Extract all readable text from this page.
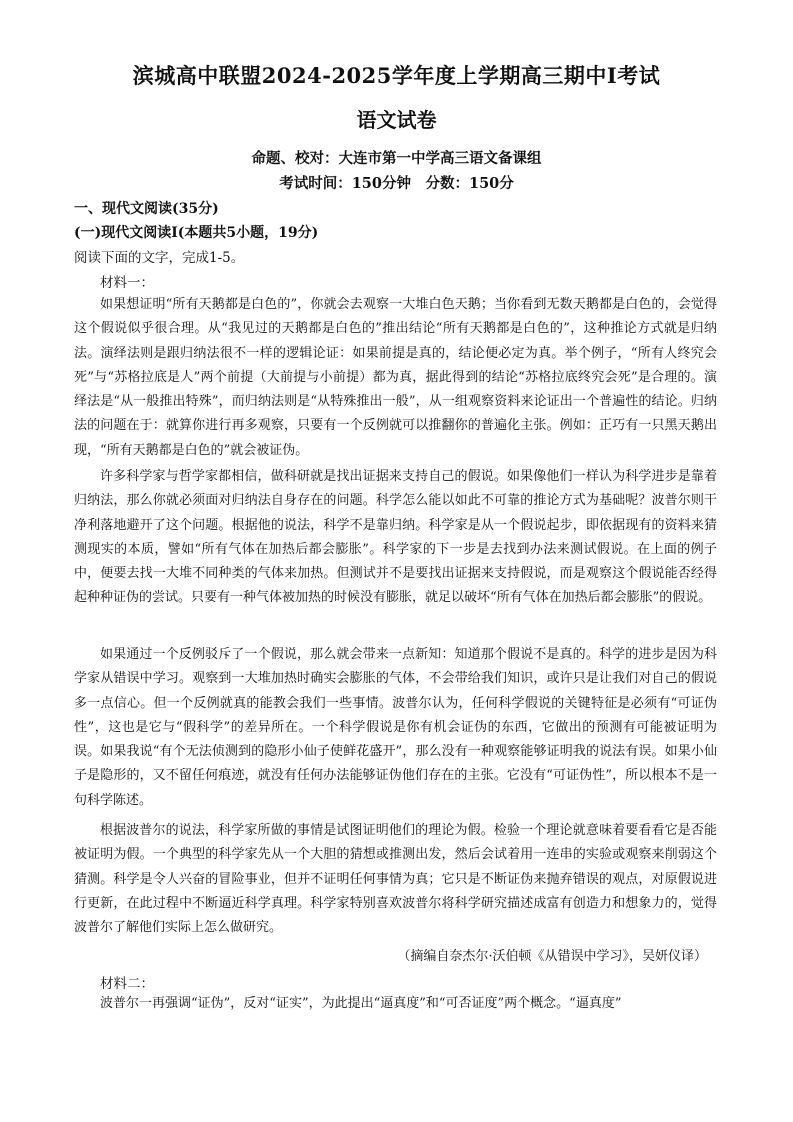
滨城高中联盟2024-2025学年度上学期高三期中Ⅰ考试
语文试卷
命题、校对：大连市第一中学高三语文备课组
考试时间：150分钟　分数：150分
一、现代文阅读(35分)
(一)现代文阅读Ⅰ(本题共5小题，19分)
阅读下面的文字，完成1-5。
材料一：
如果想证明“所有天鹅都是白色的”，你就会去观察一大堆白色天鹅；当你看到无数天鹅都是白色的，会觉得这个假说似乎很合理。从“我见过的天鹅都是白色的”推出结论“所有天鹅都是白色的”，这种推论方式就是归纳法。演绎法则是跟归纳法很不一样的逻辑论证：如果前提是真的，结论便必定为真。举个例子，“所有人终究会死”与“苏格拉底是人”两个前提（大前提与小前提）都为真，据此得到的结论“苏格拉底终究会死”是合理的。演绎法是“从一般推出特殊”，而归纳法则是“从特殊推出一般”，从一组观察资料来论证出一个普遍性的结论。归纳法的问题在于：就算你进行再多观察，只要有一个反例就可以推翻你的普遍化主张。例如：正巧有一只黑天鹅出现，“所有天鹅都是白色的”就会被证伪。
许多科学家与哲学家都相信，做科研就是找出证据来支持自己的假说。如果像他们一样认为科学进步是靠着归纳法，那么你就必须面对归纳法自身存在的问题。科学怎么能以如此不可靠的推论方式为基础呢？波普尔则干净利落地避开了这个问题。根据他的说法，科学不是靠归纳。科学家是从一个假说起步，即依据现有的资料来猜测现实的本质，譬如“所有气体在加热后都会膨胀”。科学家的下一步是去找到办法来测试假说。在上面的例子中，便要去找一大堆不同种类的气体来加热。但测试并不是要找出证据来支持假说，而是观察这个假说能否经得起种种证伪的尝试。只要有一种气体被加热的时候没有膨胀，就足以破坏“所有气体在加热后都会膨胀”的假说。
如果通过一个反例驳斥了一个假说，那么就会带来一点新知：知道那个假说不是真的。科学的进步是因为科学家从错误中学习。观察到一大堆加热时确实会膨胀的气体，不会带给我们知识，或许只是让我们对自己的假说多一点信心。但一个反例就真的能教会我们一些事情。波普尔认为，任何科学假说的关键特征是必须有“可证伪性”，这也是它与“假科学”的差异所在。一个科学假说是你有机会证伪的东西，它做出的预测有可能被证明为误。如果我说“有个无法侦测到的隐形小仙子使鲜花盛开”，那么没有一种观察能够证明我的说法有误。如果小仙子是隐形的，又不留任何痕迹，就没有任何办法能够证伪他们存在的主张。它没有“可证伪性”，所以根本不是一句科学陈述。
根据波普尔的说法，科学家所做的事情是试图证明他们的理论为假。检验一个理论就意味着要看看它是否能被证明为假。一个典型的科学家先从一个大胆的猜想或推测出发，然后会试着用一连串的实验或观察来削弱这个猜测。科学是令人兴奋的冒险事业，但并不证明任何事情为真；它只是不断证伪来抛弃错误的观点，对原假说进行更新，在此过程中不断逼近科学真理。科学家特别喜欢波普尔将科学研究描述成富有创造力和想象力的，觉得波普尔了解他们实际上怎么做研究。
（摘编自奈杰尔·沃伯顿《从错误中学习》，吴妍仪译）
材料二：
波普尔一再强调“证伪”，反对“证实”，为此提出“逼真度”和“可否证度”两个概念。“逼真度”
